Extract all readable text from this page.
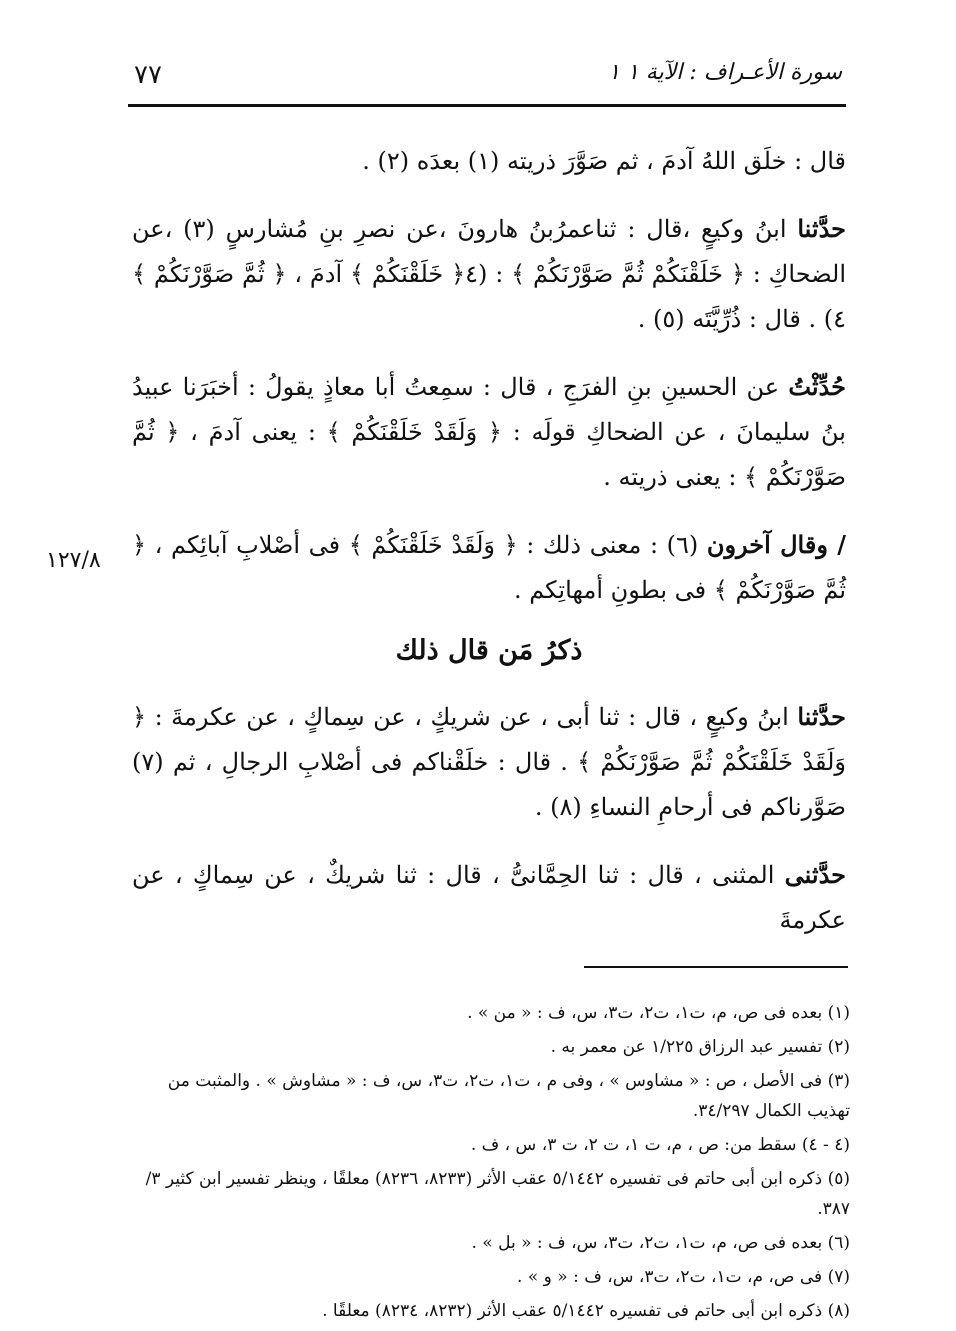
٧٧	سورة الأعـراف : الآية ١ ١
١٢٧/٨

قال : خلَق اللهُ آدمَ ، ثم صَوَّرَ ذريته (١) بعدَه (٢) .

حدَّثنا ابنُ وكيعٍ ،قال : ثناعمرُبنُ هارونَ ،عن نصرِ بنِ مُشارسٍ (٣) ،عن الضحاكِ : ﴿ خَلَقْنَكُمْ ثُمَّ صَوَّرْنَكُمْ ﴾ : (٤﴿ خَلَقْنَكُمْ ﴾ آدمَ ، ﴿ ثُمَّ صَوَّرْنَكُمْ ﴾٤) . قال : ذُرِّيَّتَه (٥) .

حُدِّثْتُ عن الحسينِ بنِ الفرَجِ ، قال : سمِعتُ أبا معاذٍ يقولُ : أخبَرَنا عبيدُ بنُ سليمانَ ، عن الضحاكِ قولَه : ﴿ وَلَقَدْ خَلَقْنَكُمْ ﴾ : يعنى آدمَ ، ﴿ ثُمَّ صَوَّرْنَكُمْ ﴾ : يعنى ذريته .

/ وقال آخرون (٦) : معنى ذلك : ﴿ وَلَقَدْ خَلَقْنَكُمْ ﴾ فى أصْلابِ آبائِكم ، ﴿ ثُمَّ صَوَّرْنَكُمْ ﴾ فى بطونِ أمهاتِكم .

ذكرُ مَن قال ذلك

حدَّثنا ابنُ وكيعٍ ، قال : ثنا أبى ، عن شريكٍ ، عن سِماكٍ ، عن عكرمةَ : ﴿ وَلَقَدْ خَلَقْنَكُمْ ثُمَّ صَوَّرْنَكُمْ ﴾ . قال : خلَقْناكم فى أصْلابِ الرجالِ ، ثم (٧) صَوَّرناكم فى أرحامِ النساءِ (٨) .

حدَّثنى المثنى ، قال : ثنا الحِمَّانىُّ ، قال : ثنا شريكٌ ، عن سِماكٍ ، عن عكرمةَ

(١) بعده فى ص، م، ت١، ت٢، ت٣، س، ف : « من » .

(٢) تفسير عبد الرزاق ١/٢٢٥ عن معمر به .

(٣) فى الأصل ، ص : « مشاوس » ، وفى م ، ت١، ت٢، ت٣، س، ف : « مشاوش » . والمثبت من تهذيب الكمال ٣٤/٢٩٧.

(٤ - ٤) سقط من: ص ، م، ت ١، ت ٢، ت ٣، س ، ف .

(٥) ذكره ابن أبى حاتم فى تفسيره ٥/١٤٤٢ عقب الأثر (٨٢٣٣، ٨٢٣٦) معلقًا ، وينظر تفسير ابن كثير ٣/ ٣٨٧.

(٦) بعده فى ص، م، ت١، ت٢، ت٣، س، ف : « بل » .

(٧) فى ص، م، ت١، ت٢، ت٣، س، ف : « و » .

(٨) ذكره ابن أبى حاتم فى تفسيره ٥/١٤٤٢ عقب الأثر (٨٢٣٢، ٨٢٣٤) معلقًا .
